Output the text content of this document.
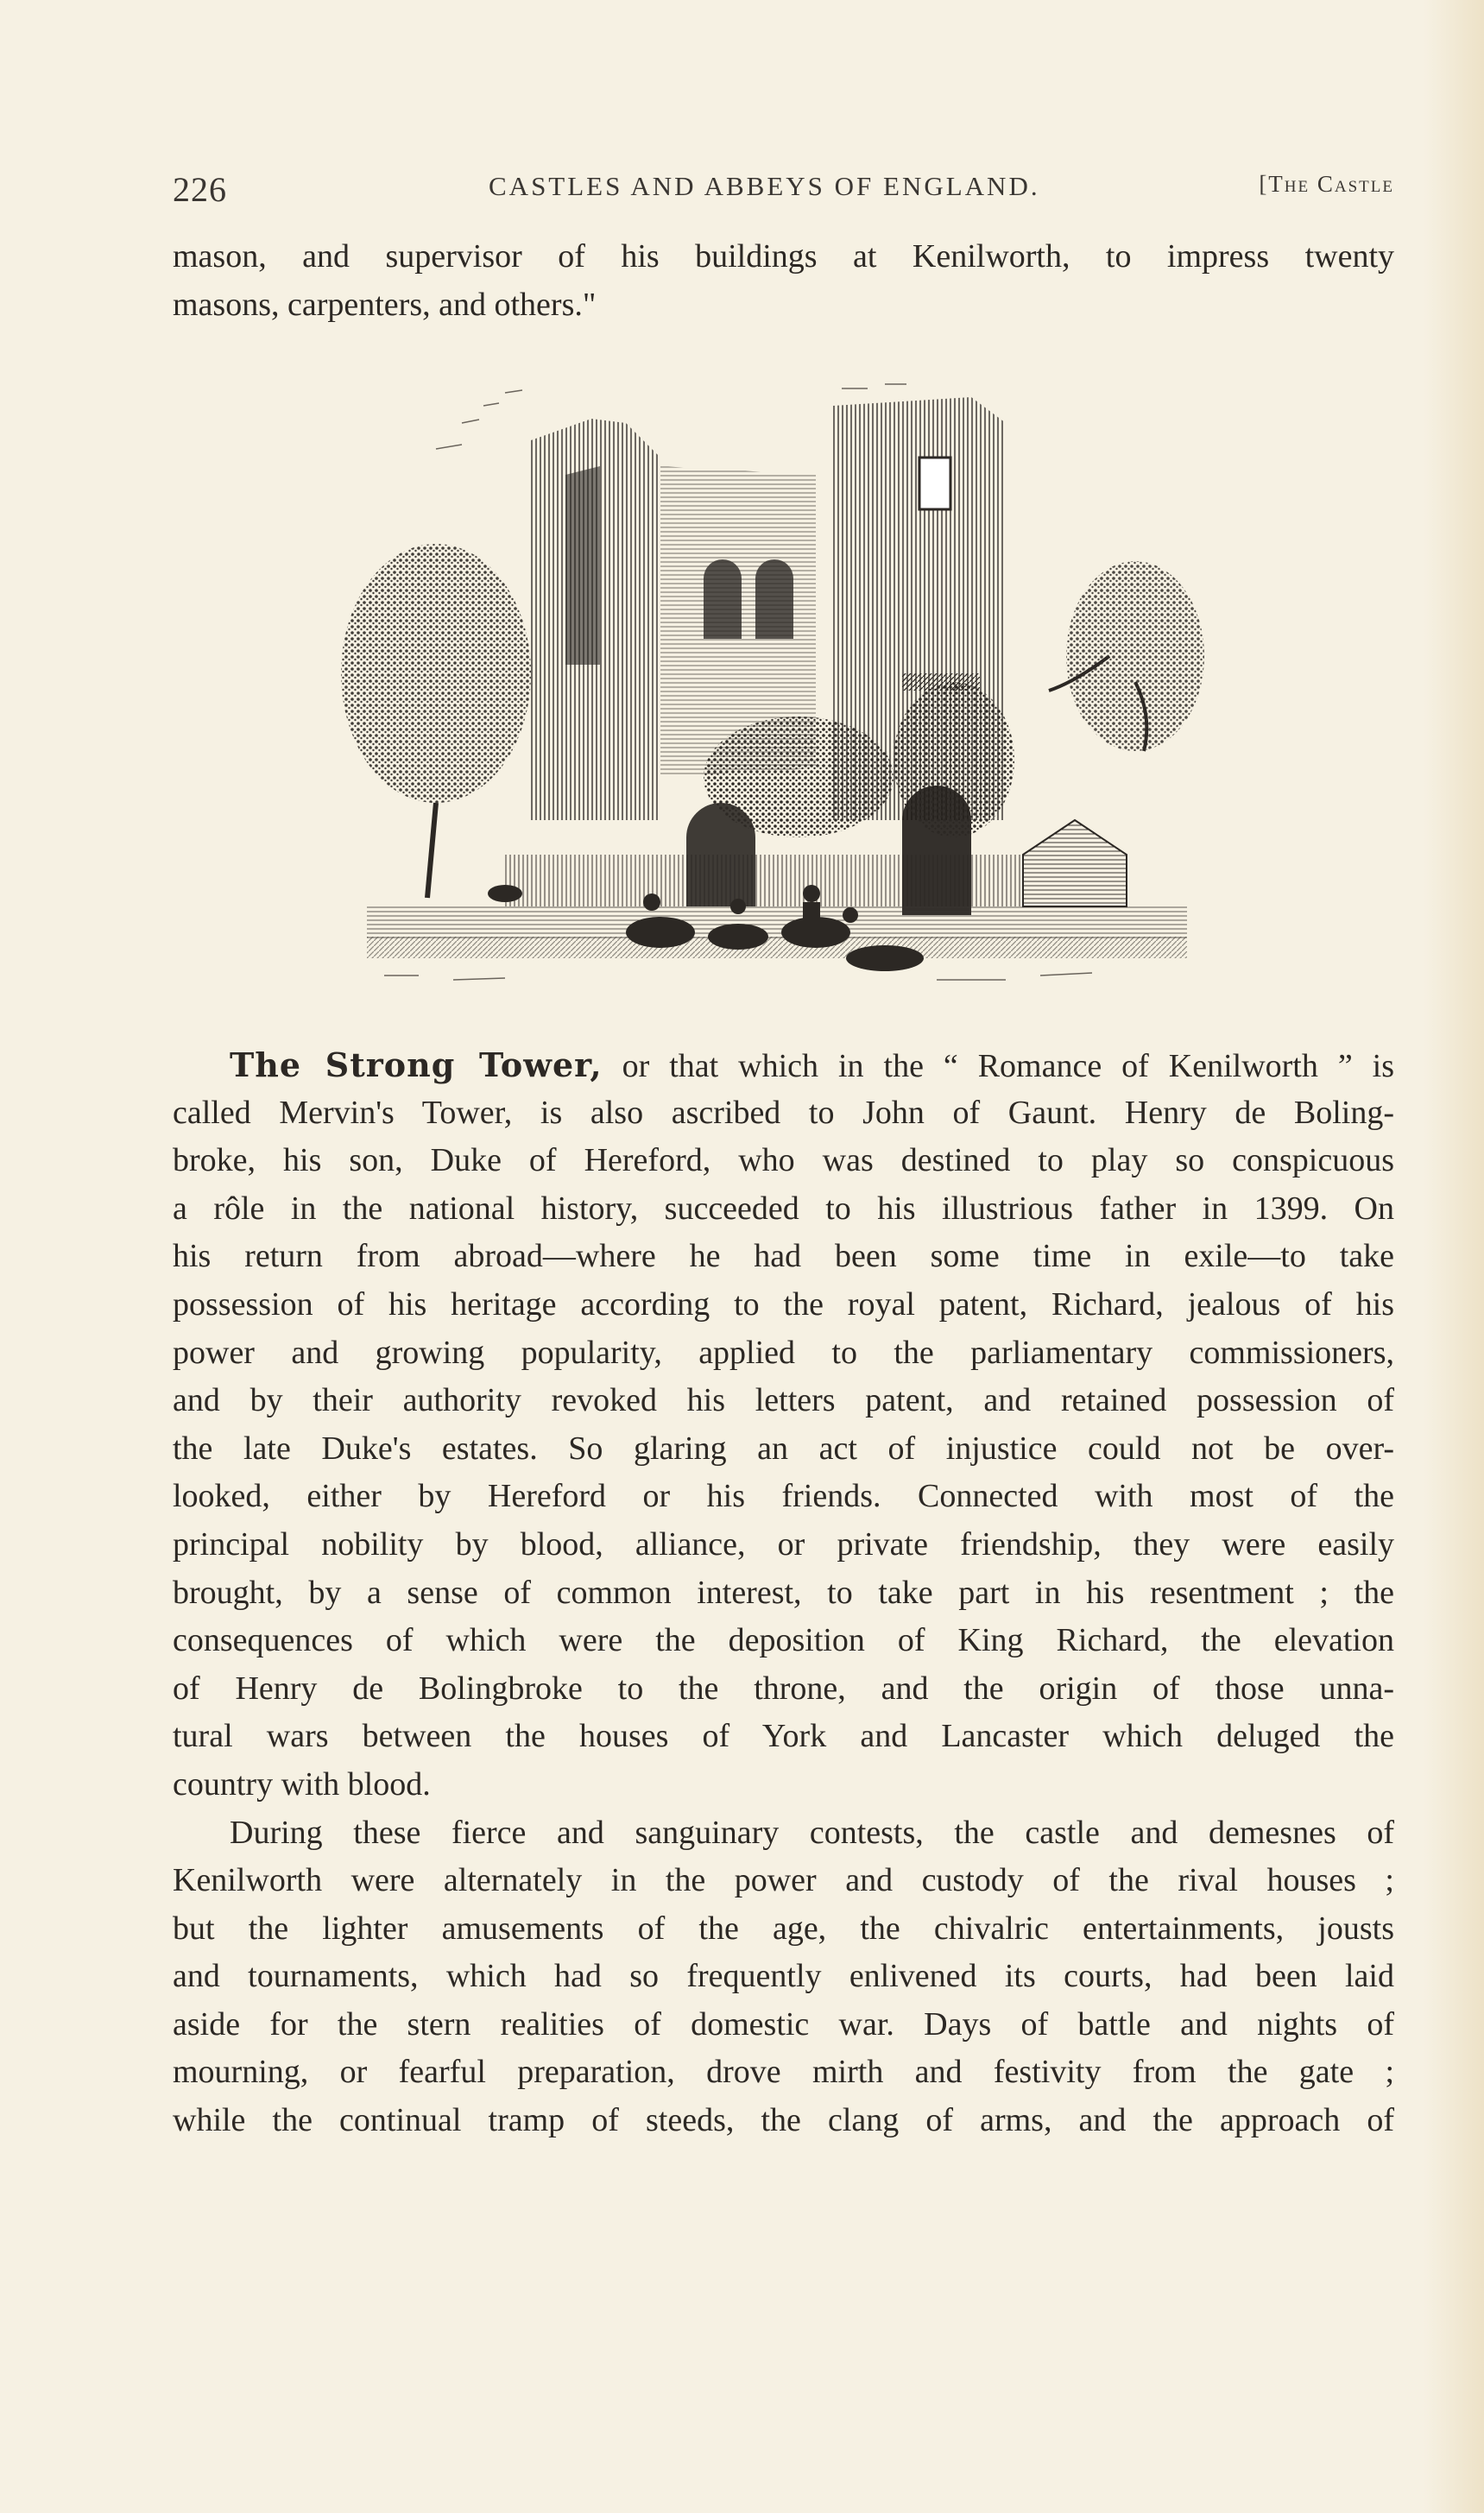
226	CASTLES AND ABBEYS OF ENGLAND.	[The Castle
mason, and supervisor of his buildings at Kenilworth, to impress twenty
masons, carpenters, and others."
The Strong Tower, or that which in the “ Romance of Kenilworth ” is
called Mervin's Tower, is also ascribed to John of Gaunt. Henry de Boling-
broke, his son, Duke of Hereford, who was destined to play so conspicuous
a rôle in the national history, succeeded to his illustrious father in 1399. On
his return from abroad—where he had been some time in exile—to take
possession of his heritage according to the royal patent, Richard, jealous of his
power and growing popularity, applied to the parliamentary commissioners,
and by their authority revoked his letters patent, and retained possession of
the late Duke's estates. So glaring an act of injustice could not be over-
looked, either by Hereford or his friends. Connected with most of the
principal nobility by blood, alliance, or private friendship, they were easily
brought, by a sense of common interest, to take part in his resentment ; the
consequences of which were the deposition of King Richard, the elevation
of Henry de Bolingbroke to the throne, and the origin of those unna-
tural wars between the houses of York and Lancaster which deluged the
country with blood.
During these fierce and sanguinary contests, the castle and demesnes of
Kenilworth were alternately in the power and custody of the rival houses ;
but the lighter amusements of the age, the chivalric entertainments, jousts
and tournaments, which had so frequently enlivened its courts, had been laid
aside for the stern realities of domestic war. Days of battle and nights of
mourning, or fearful preparation, drove mirth and festivity from the gate ;
while the continual tramp of steeds, the clang of arms, and the approach of
